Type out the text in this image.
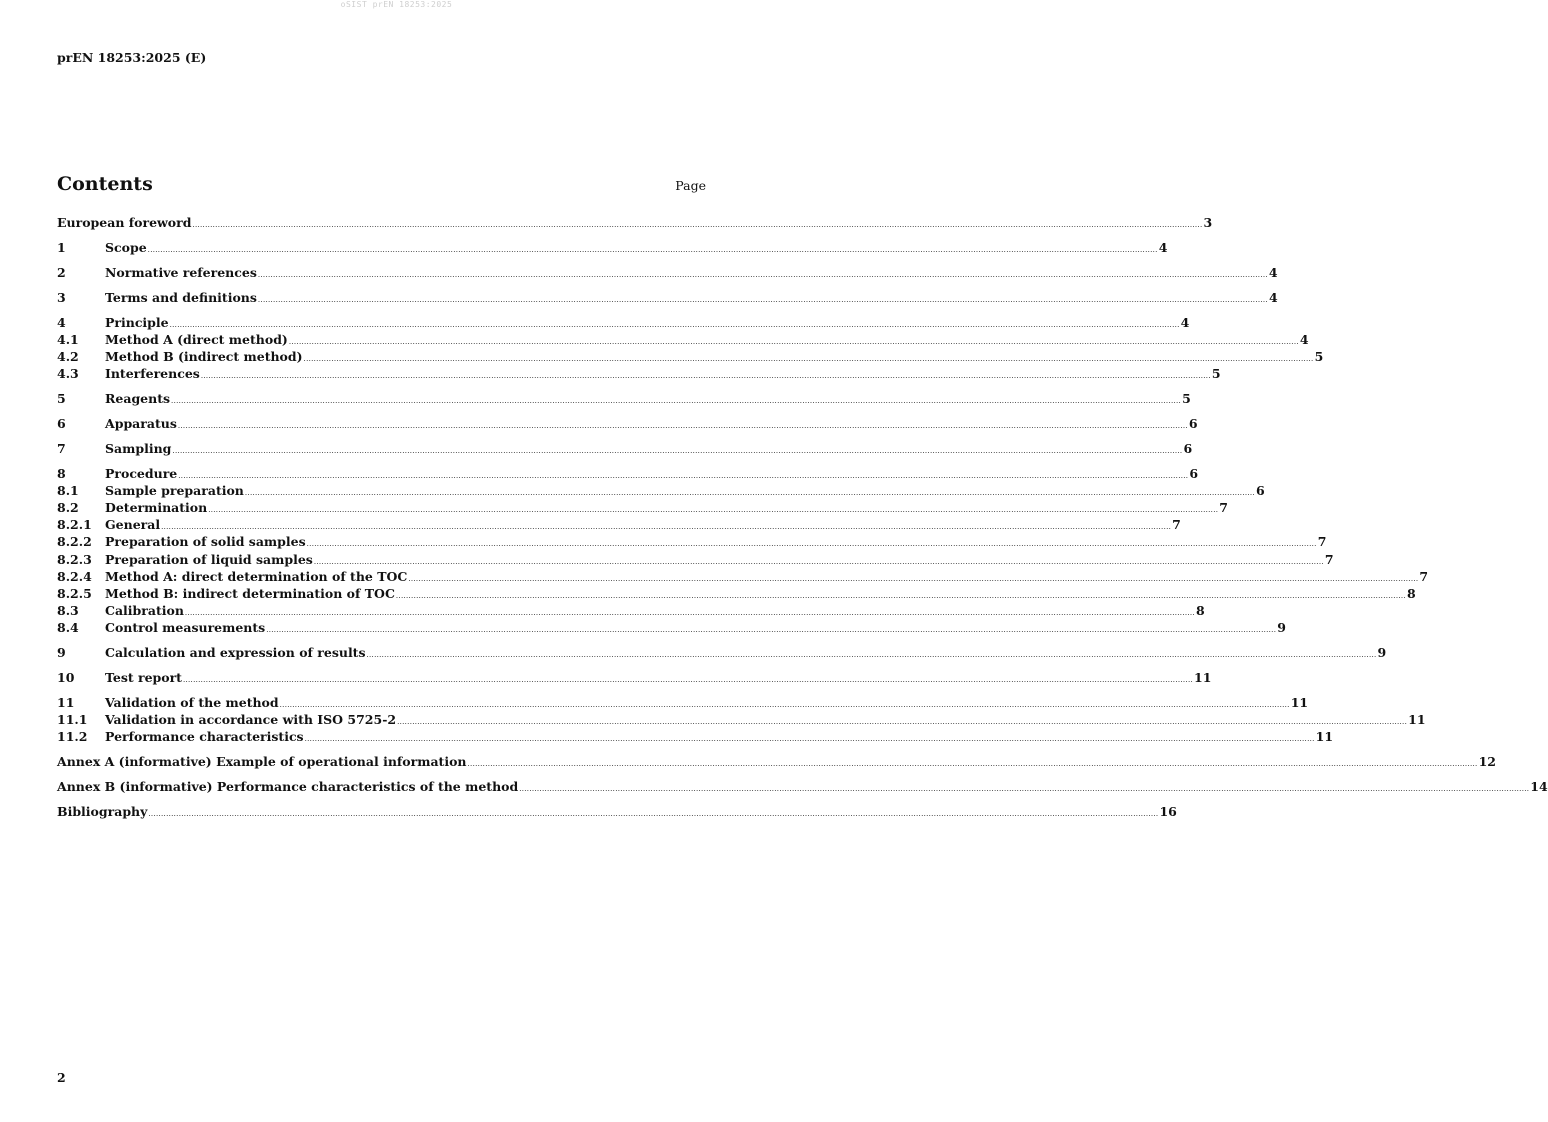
oSIST prEN 18253:2025
prEN 18253:2025 (E)
Contents	Page
European foreword ................................................................................................................................................................................................................................................................................................................................................................................................................ 3
1	Scope ................................................................................................................................................................................................................................................................................................................................................................................................................ 4
2	Normative references ................................................................................................................................................................................................................................................................................................................................................................................................................ 4
3	Terms and definitions ................................................................................................................................................................................................................................................................................................................................................................................................................ 4
4	Principle ................................................................................................................................................................................................................................................................................................................................................................................................................ 4
4.1	Method A (direct method) ................................................................................................................................................................................................................................................................................................................................................................................................................ 4
4.2	Method B (indirect method) ................................................................................................................................................................................................................................................................................................................................................................................................................ 5
4.3	Interferences ................................................................................................................................................................................................................................................................................................................................................................................................................ 5
5	Reagents ................................................................................................................................................................................................................................................................................................................................................................................................................ 5
6	Apparatus ................................................................................................................................................................................................................................................................................................................................................................................................................ 6
7	Sampling ................................................................................................................................................................................................................................................................................................................................................................................................................ 6
8	Procedure ................................................................................................................................................................................................................................................................................................................................................................................................................ 6
8.1	Sample preparation ................................................................................................................................................................................................................................................................................................................................................................................................................ 6
8.2	Determination ................................................................................................................................................................................................................................................................................................................................................................................................................ 7
8.2.1	General ................................................................................................................................................................................................................................................................................................................................................................................................................ 7
8.2.2	Preparation of solid samples ................................................................................................................................................................................................................................................................................................................................................................................................................ 7
8.2.3	Preparation of liquid samples ................................................................................................................................................................................................................................................................................................................................................................................................................ 7
8.2.4	Method A: direct determination of the TOC ................................................................................................................................................................................................................................................................................................................................................................................................................ 7
8.2.5	Method B: indirect determination of TOC ................................................................................................................................................................................................................................................................................................................................................................................................................ 8
8.3	Calibration ................................................................................................................................................................................................................................................................................................................................................................................................................ 8
8.4	Control measurements ................................................................................................................................................................................................................................................................................................................................................................................................................ 9
9	Calculation and expression of results ................................................................................................................................................................................................................................................................................................................................................................................................................ 9
10	Test report ................................................................................................................................................................................................................................................................................................................................................................................................................ 11
11	Validation of the method ................................................................................................................................................................................................................................................................................................................................................................................................................ 11
11.1	Validation in accordance with ISO 5725-2 ................................................................................................................................................................................................................................................................................................................................................................................................................ 11
11.2	Performance characteristics ................................................................................................................................................................................................................................................................................................................................................................................................................ 11
Annex A (informative) Example of operational information ................................................................................................................................................................................................................................................................................................................................................................................................................ 12
Annex B (informative) Performance characteristics of the method ................................................................................................................................................................................................................................................................................................................................................................................................................ 14
Bibliography ................................................................................................................................................................................................................................................................................................................................................................................................................ 16
2
